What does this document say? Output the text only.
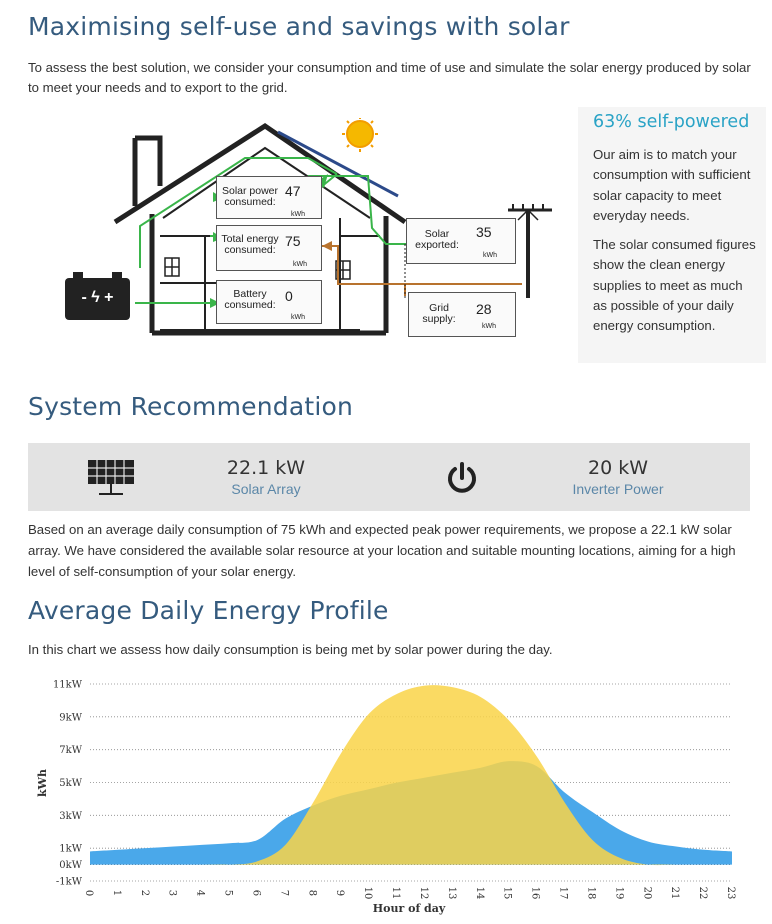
Maximising self-use and savings with solar

To assess the best solution, we consider your consumption and time of use and simulate the solar energy produced by solar to meet your needs and to export to the grid.

- ϟ +
Solar power
consumed:
47
kWh
Total energy
consumed:
75
kWh
Battery
consumed:
0
kWh
Solar
exported:
35
kWh
Grid
supply:
28
kWh
63% self-powered

Our aim is to match your consumption with sufficient solar capacity to meet everyday needs.

The solar consumed figures show the clean energy supplies to meet as much as possible of your daily energy consumption.

System Recommendation
22.1 kW
Solar Array
20 kW
Inverter Power

Based on an average daily consumption of 75 kWh and expected peak power requirements, we propose a 22.1 kW solar array. We have considered the available solar resource at your location and suitable mounting locations, aiming for a high level of self-consumption of your solar energy.

Average Daily Energy Profile

In this chart we assess how daily consumption is being met by solar power during the day.

-1kW
0kW
1kW
3kW
5kW
7kW
9kW
11kW
0 1 2 3 4 5 6 7 8 9 10 11 12 13 14 15 16 17 18 19 20 21 22 23
Hour of day
kWh
